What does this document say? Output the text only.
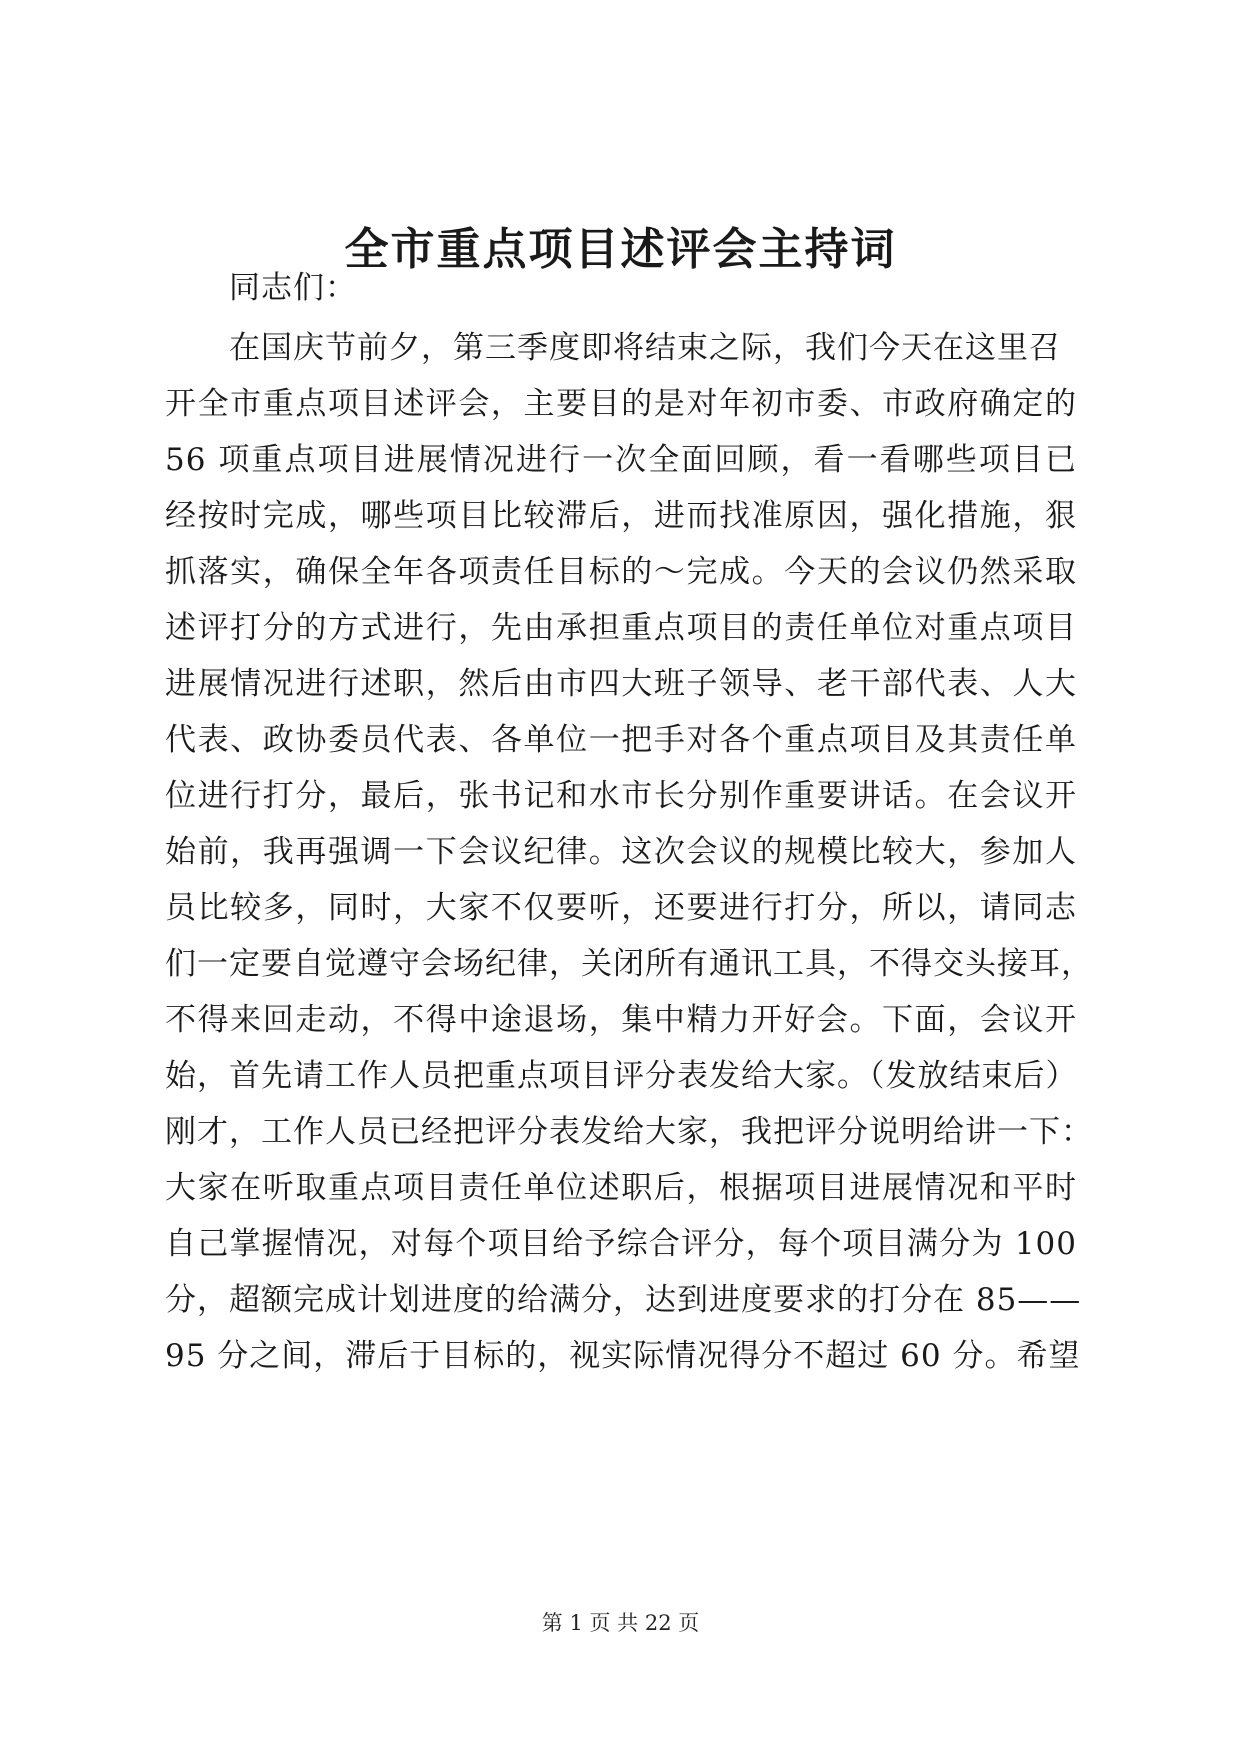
全市重点项目述评会主持词
同志们：
在国庆节前夕，第三季度即将结束之际，我们今天在这里召
开全市重点项目述评会，主要目的是对年初市委、市政府确定的
56 项重点项目进展情况进行一次全面回顾，看一看哪些项目已
经按时完成，哪些项目比较滞后，进而找准原因，强化措施，狠
抓落实，确保全年各项责任目标的～完成。今天的会议仍然采取
述评打分的方式进行，先由承担重点项目的责任单位对重点项目
进展情况进行述职，然后由市四大班子领导、老干部代表、人大
代表、政协委员代表、各单位一把手对各个重点项目及其责任单
位进行打分，最后，张书记和水市长分别作重要讲话。在会议开
始前，我再强调一下会议纪律。这次会议的规模比较大，参加人
员比较多，同时，大家不仅要听，还要进行打分，所以，请同志
们一定要自觉遵守会场纪律，关闭所有通讯工具，不得交头接耳，
不得来回走动，不得中途退场，集中精力开好会。下面，会议开
始，首先请工作人员把重点项目评分表发给大家。（发放结束后）
刚才，工作人员已经把评分表发给大家，我把评分说明给讲一下：
大家在听取重点项目责任单位述职后，根据项目进展情况和平时
自己掌握情况，对每个项目给予综合评分，每个项目满分为 100
分，超额完成计划进度的给满分，达到进度要求的打分在 85——
95 分之间，滞后于目标的，视实际情况得分不超过 60 分。希望
第 1 页 共 22 页
